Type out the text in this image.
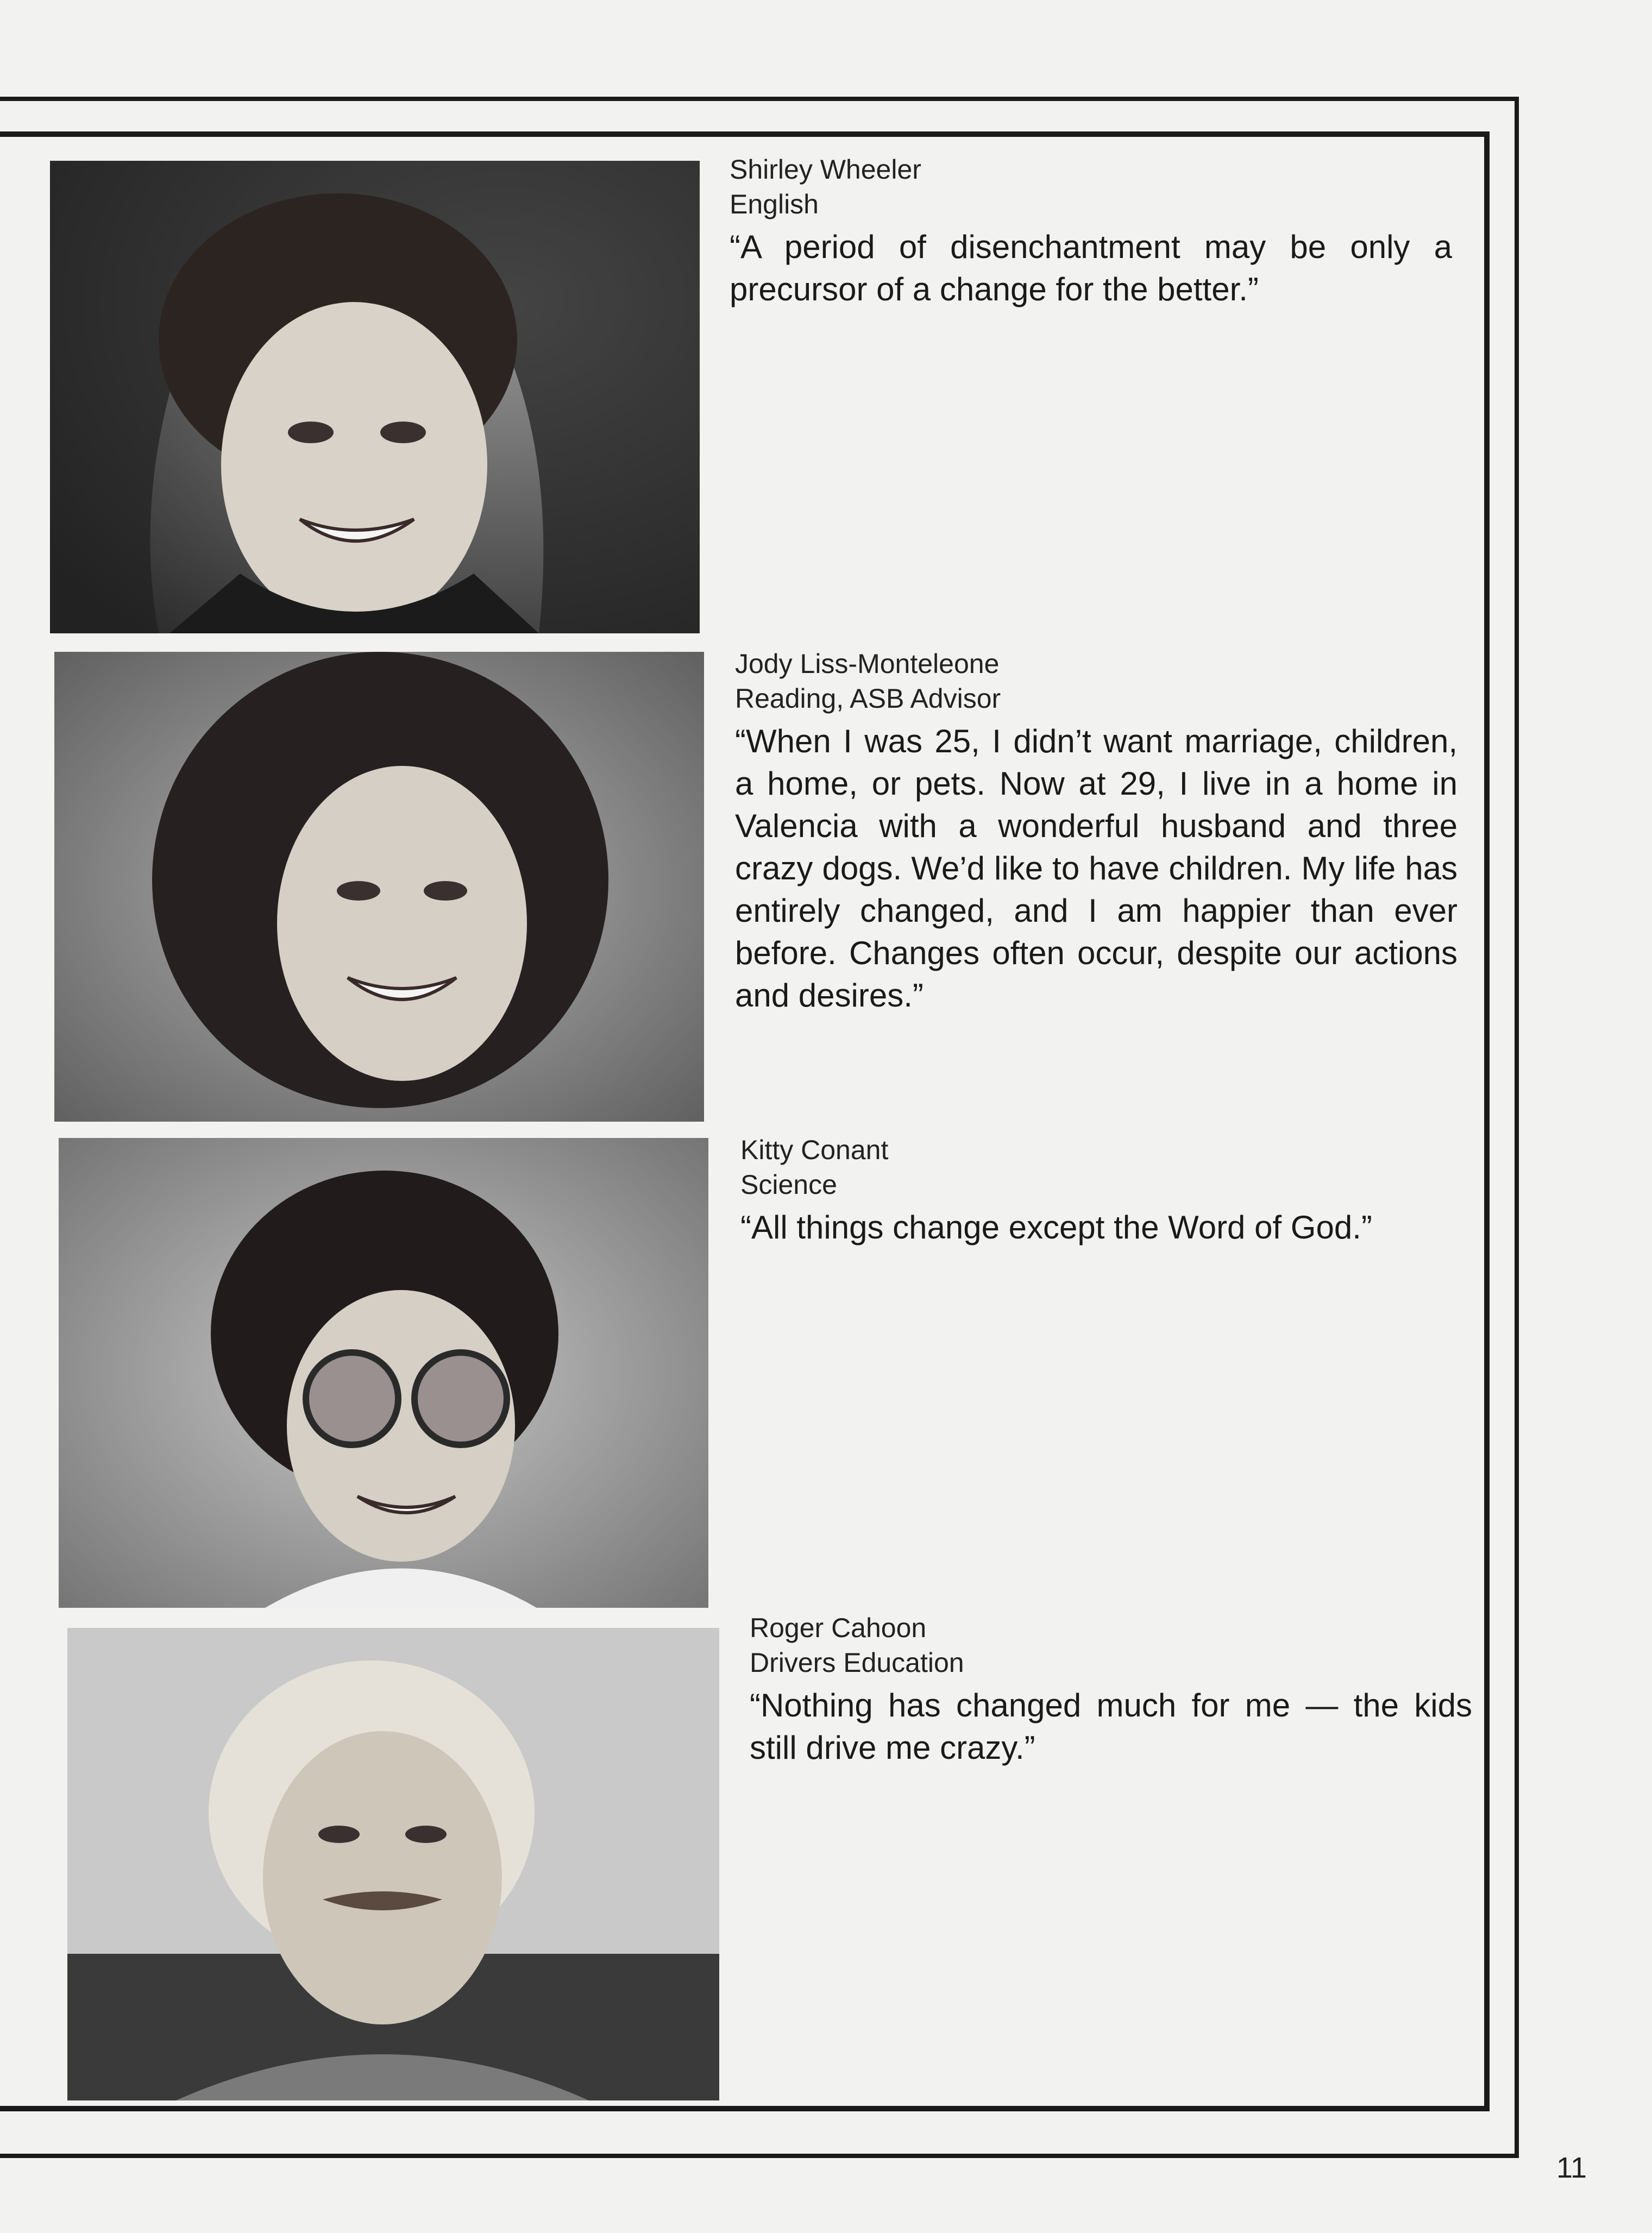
Shirley Wheeler
English
“A period of disenchantment may be only a precursor of a change for the better.”
Jody Liss-Monteleone
Reading, ASB Advisor
“When I was 25, I didn’t want marriage, children, a home, or pets. Now at 29, I live in a home in Valencia with a wonderful husband and three crazy dogs. We’d like to have children. My life has entirely changed, and I am happier than ever before. Changes often occur, despite our actions and desires.”
Kitty Conant
Science
“All things change except the Word of God.”
Roger Cahoon
Drivers Education
“Nothing has changed much for me — the kids still drive me crazy.”
11
